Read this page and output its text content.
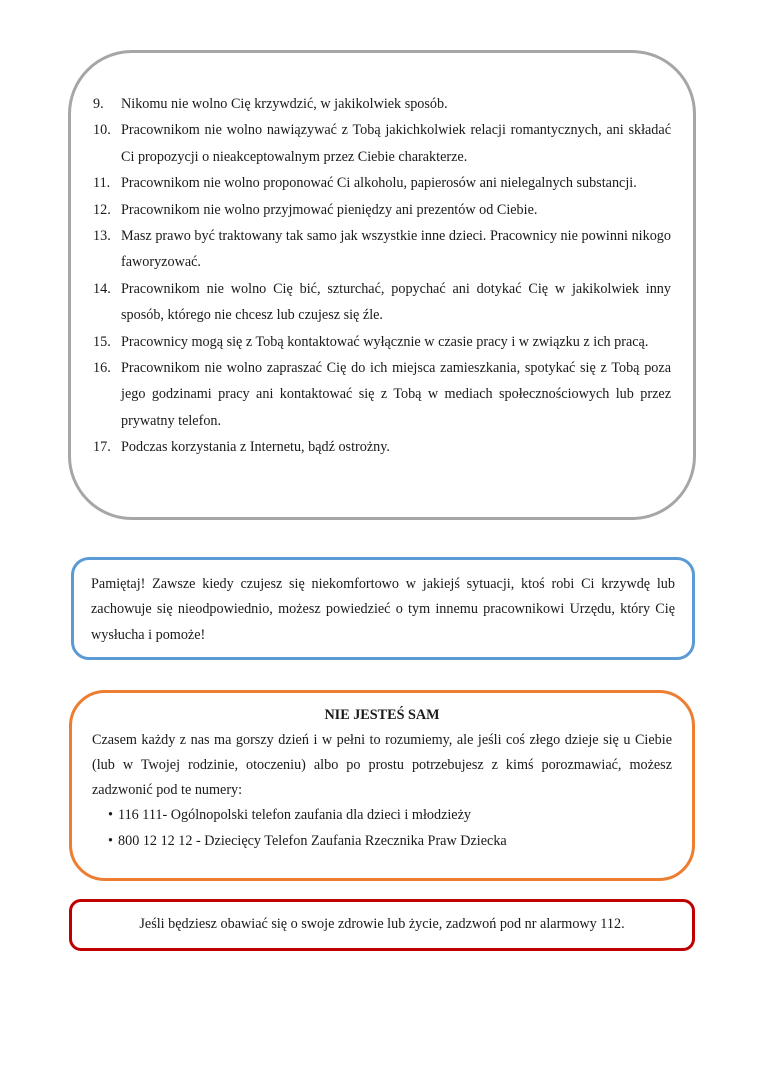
9. Nikomu nie wolno Cię krzywdzić, w jakikolwiek sposób.
10. Pracownikom nie wolno nawiązywać z Tobą jakichkolwiek relacji romantycznych, ani składać Ci propozycji o nieakceptowalnym przez Ciebie charakterze.
11. Pracownikom nie wolno proponować Ci alkoholu, papierosów ani nielegalnych substancji.
12. Pracownikom nie wolno przyjmować pieniędzy ani prezentów od Ciebie.
13. Masz prawo być traktowany tak samo jak wszystkie inne dzieci. Pracownicy nie powinni nikogo faworyzować.
14. Pracownikom nie wolno Cię bić, szturchać, popychać ani dotykać Cię w jakikolwiek inny sposób, którego nie chcesz lub czujesz się źle.
15. Pracownicy mogą się z Tobą kontaktować wyłącznie w czasie pracy i w związku z ich pracą.
16. Pracownikom nie wolno zapraszać Cię do ich miejsca zamieszkania, spotykać się z Tobą poza jego godzinami pracy ani kontaktować się z Tobą w mediach społecznościowych lub przez prywatny telefon.
17. Podczas korzystania z Internetu, bądź ostrożny.

Pamiętaj! Zawsze kiedy czujesz się niekomfortowo w jakiejś sytuacji, ktoś robi Ci krzywdę lub zachowuje się nieodpowiednio, możesz powiedzieć o tym innemu pracownikowi Urzędu, który Cię wysłucha i pomoże!

NIE JESTEŚ SAM

Czasem każdy z nas ma gorszy dzień i w pełni to rozumiemy, ale jeśli coś złego dzieje się u Ciebie (lub w Twojej rodzinie, otoczeniu) albo po prostu potrzebujesz z kimś porozmawiać, możesz zadzwonić pod te numery:

• 116 111- Ogólnopolski telefon zaufania dla dzieci i młodzieży
• 800 12 12 12 - Dziecięcy Telefon Zaufania Rzecznika Praw Dziecka

Jeśli będziesz obawiać się o swoje zdrowie lub życie, zadzwoń pod nr alarmowy 112.
